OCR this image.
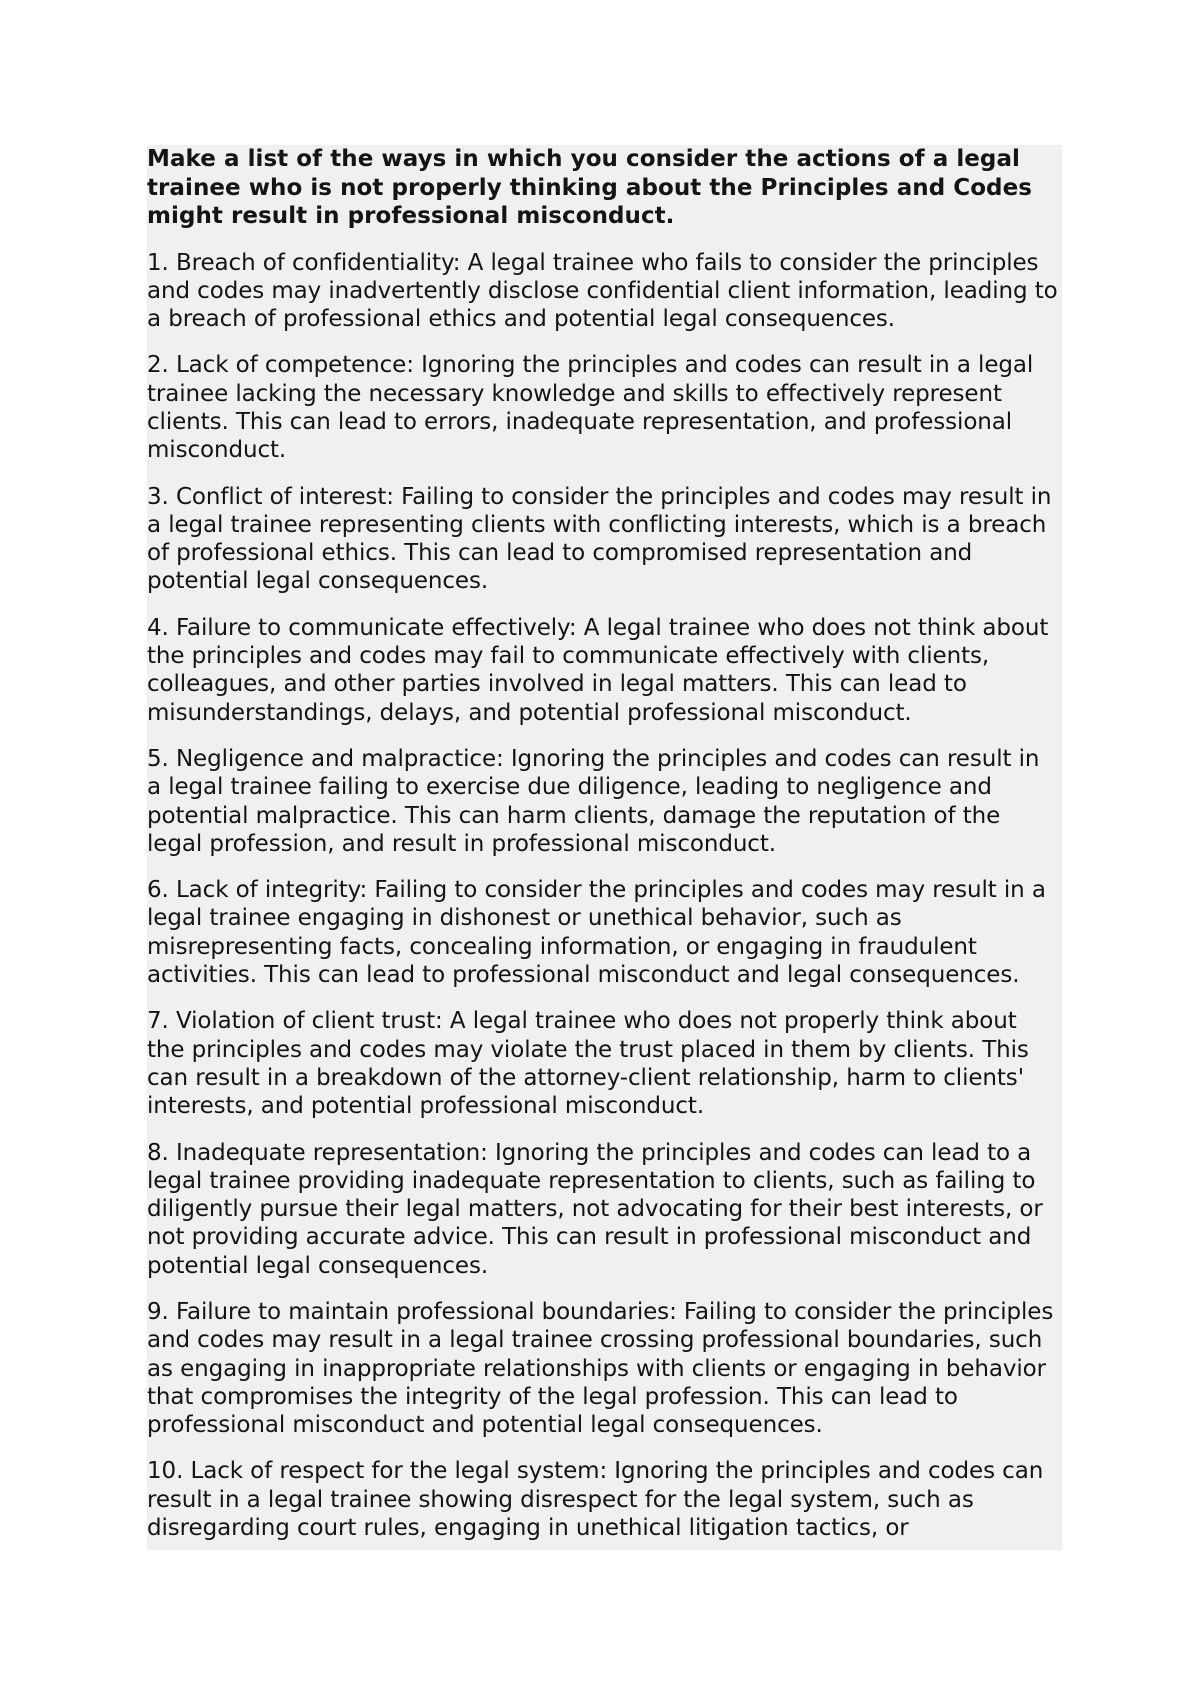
Make a list of the ways in which you consider the actions of a legal trainee who is not properly thinking about the Principles and Codes might result in professional misconduct.

1. Breach of confidentiality: A legal trainee who fails to consider the principles and codes may inadvertently disclose confidential client information, leading to a breach of professional ethics and potential legal consequences.

2. Lack of competence: Ignoring the principles and codes can result in a legal trainee lacking the necessary knowledge and skills to effectively represent clients. This can lead to errors, inadequate representation, and professional misconduct.

3. Conflict of interest: Failing to consider the principles and codes may result in a legal trainee representing clients with conflicting interests, which is a breach of professional ethics. This can lead to compromised representation and potential legal consequences.

4. Failure to communicate effectively: A legal trainee who does not think about the principles and codes may fail to communicate effectively with clients, colleagues, and other parties involved in legal matters. This can lead to misunderstandings, delays, and potential professional misconduct.

5. Negligence and malpractice: Ignoring the principles and codes can result in a legal trainee failing to exercise due diligence, leading to negligence and potential malpractice. This can harm clients, damage the reputation of the legal profession, and result in professional misconduct.

6. Lack of integrity: Failing to consider the principles and codes may result in a legal trainee engaging in dishonest or unethical behavior, such as misrepresenting facts, concealing information, or engaging in fraudulent activities. This can lead to professional misconduct and legal consequences.

7. Violation of client trust: A legal trainee who does not properly think about the principles and codes may violate the trust placed in them by clients. This can result in a breakdown of the attorney-client relationship, harm to clients' interests, and potential professional misconduct.

8. Inadequate representation: Ignoring the principles and codes can lead to a legal trainee providing inadequate representation to clients, such as failing to diligently pursue their legal matters, not advocating for their best interests, or not providing accurate advice. This can result in professional misconduct and potential legal consequences.

9. Failure to maintain professional boundaries: Failing to consider the principles and codes may result in a legal trainee crossing professional boundaries, such as engaging in inappropriate relationships with clients or engaging in behavior that compromises the integrity of the legal profession. This can lead to professional misconduct and potential legal consequences.

10. Lack of respect for the legal system: Ignoring the principles and codes can result in a legal trainee showing disrespect for the legal system, such as disregarding court rules, engaging in unethical litigation tactics, or
